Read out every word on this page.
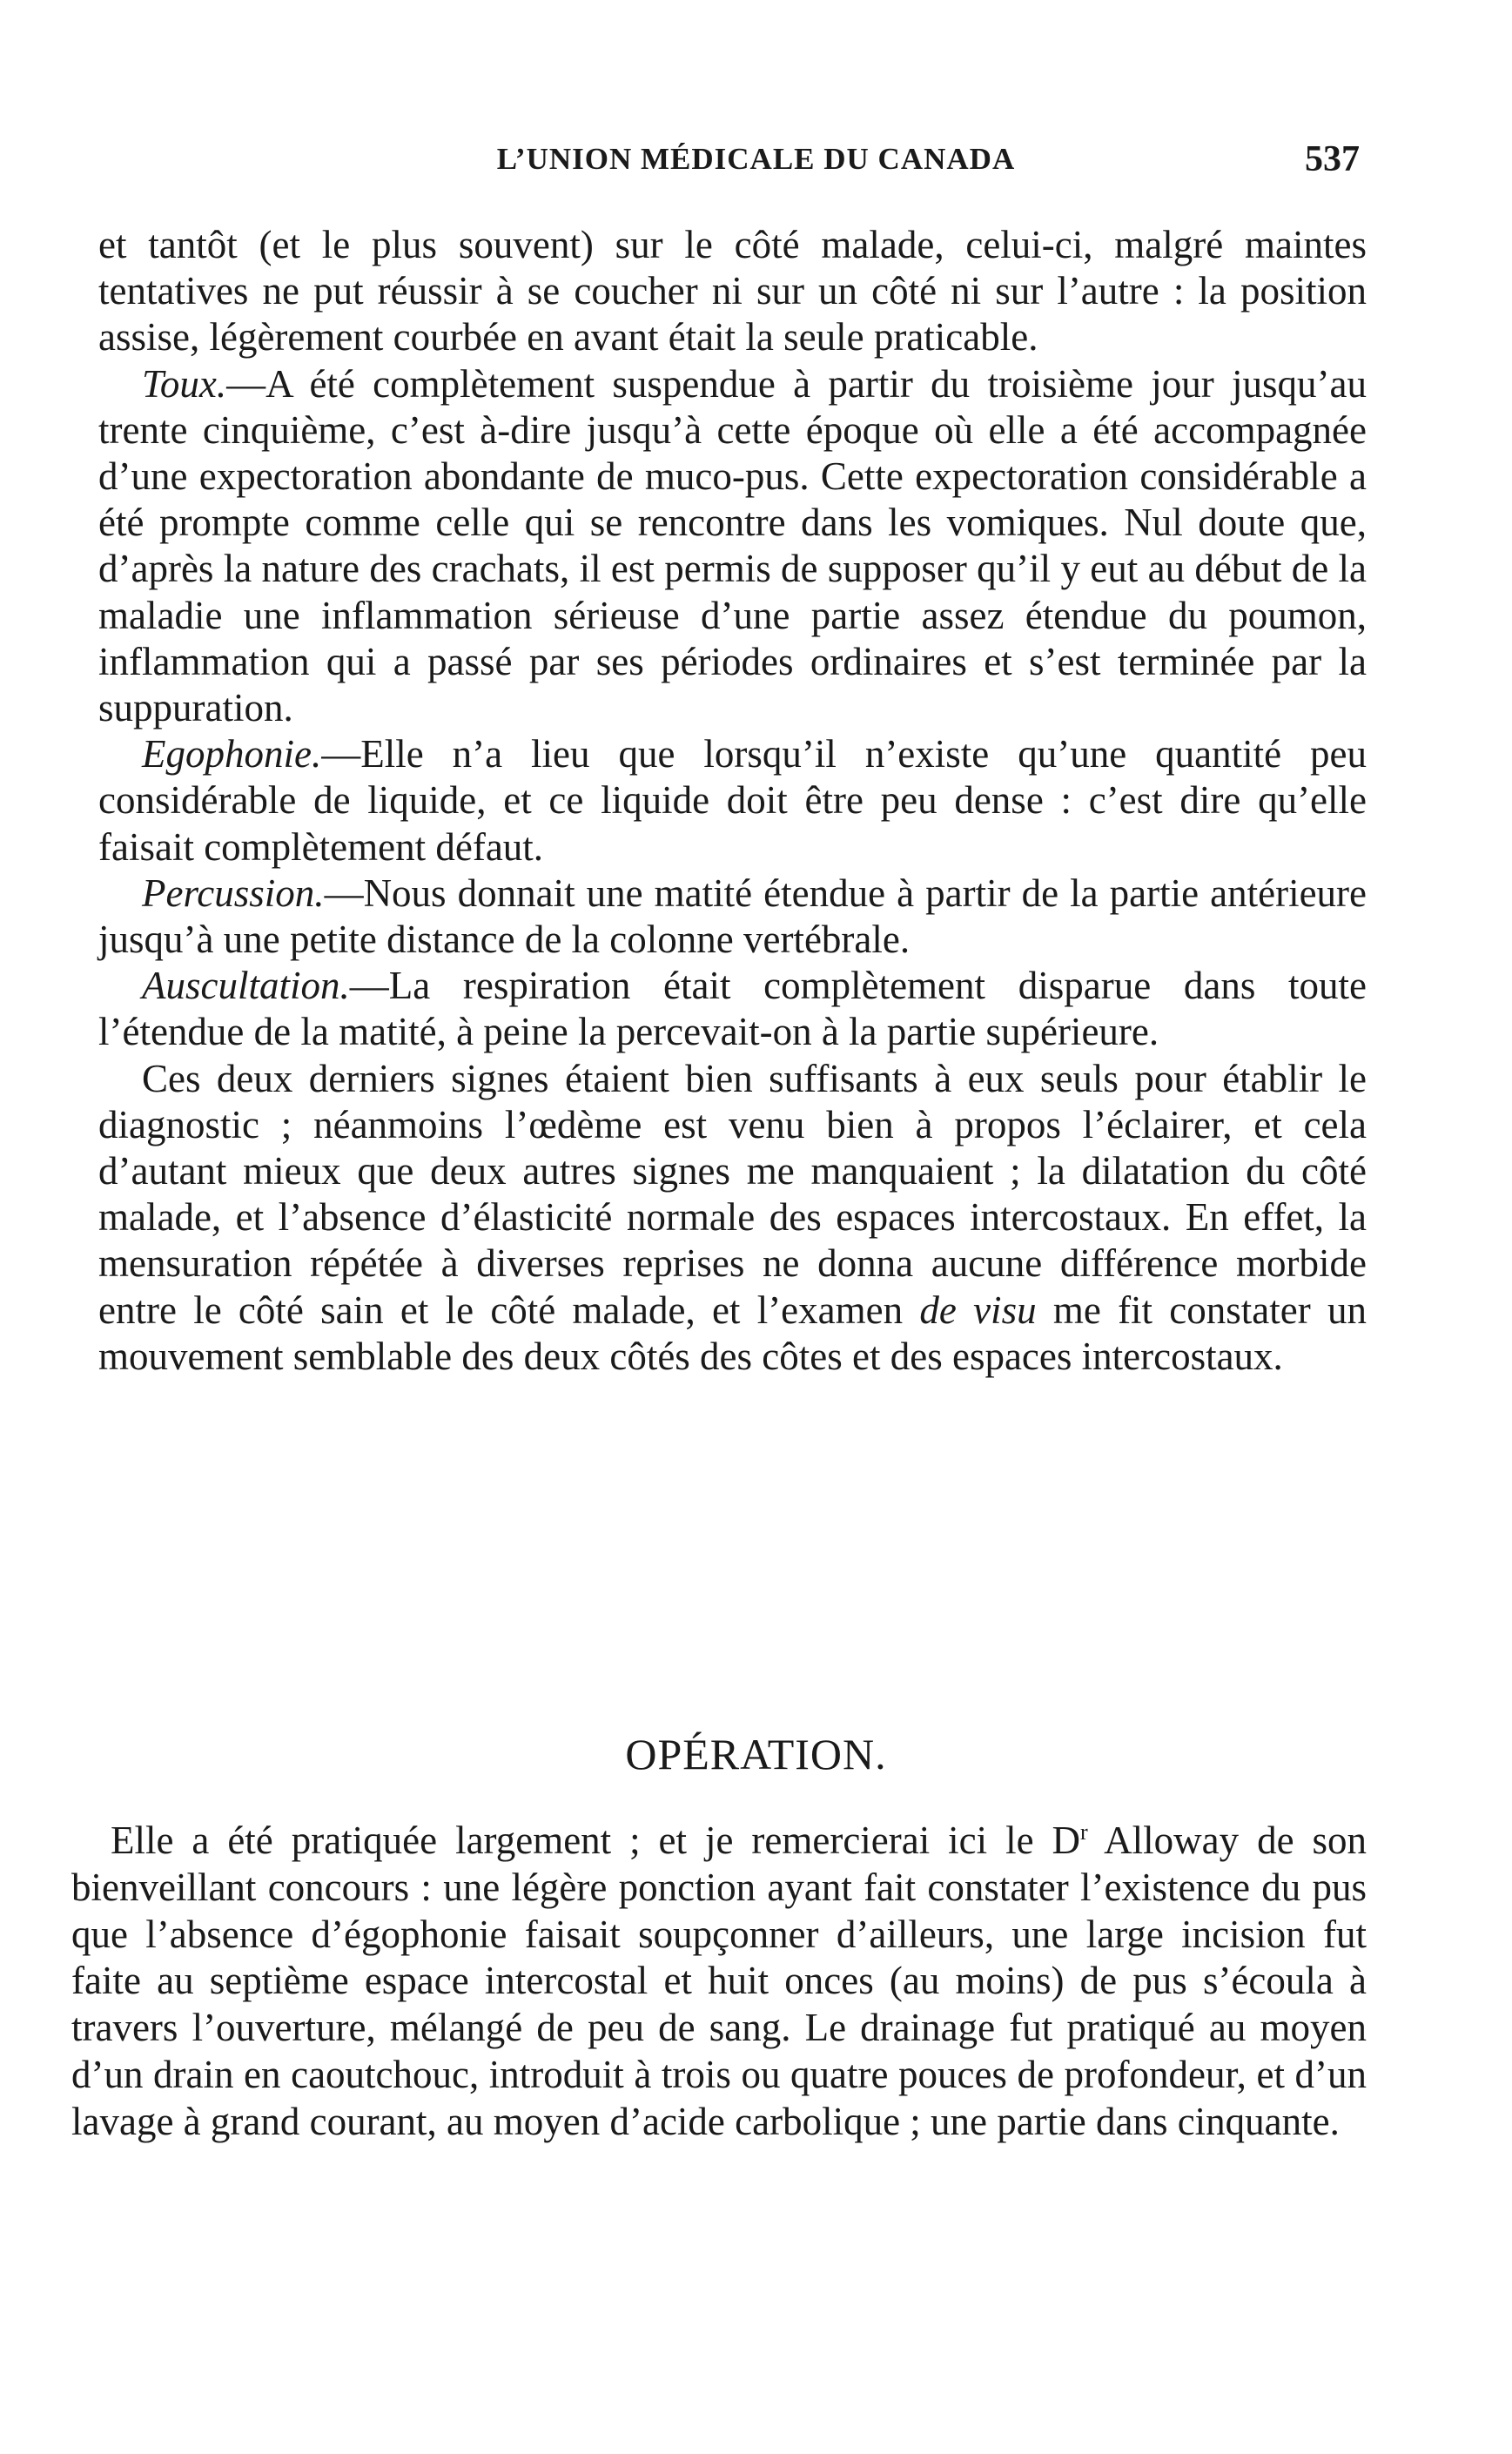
L’UNION MÉDICALE DU CANADA	537

et tantôt (et le plus souvent) sur le côté malade, celui-ci, malgré maintes tentatives ne put réussir à se coucher ni sur un côté ni sur l’autre : la position assise, légèrement courbée en avant était la seule praticable.

Toux.—A été complètement suspendue à partir du troisième jour jusqu’au trente cinquième, c’est à-dire jusqu’à cette époque où elle a été accompagnée d’une expectoration abondante de muco-pus. Cette expectoration considérable a été prompte comme celle qui se rencontre dans les vomiques. Nul doute que, d’après la nature des crachats, il est permis de supposer qu’il y eut au début de la maladie une inflammation sérieuse d’une partie assez étendue du poumon, inflammation qui a passé par ses périodes ordinaires et s’est terminée par la suppuration.

Egophonie.—Elle n’a lieu que lorsqu’il n’existe qu’une quantité peu considérable de liquide, et ce liquide doit être peu dense : c’est dire qu’elle faisait complètement défaut.

Percussion.—Nous donnait une matité étendue à partir de la partie antérieure jusqu’à une petite distance de la colonne vertébrale.

Auscultation.—La respiration était complètement disparue dans toute l’étendue de la matité, à peine la percevait-on à la partie supérieure.

Ces deux derniers signes étaient bien suffisants à eux seuls pour établir le diagnostic ; néanmoins l’œdème est venu bien à propos l’éclairer, et cela d’autant mieux que deux autres signes me manquaient ; la dilatation du côté malade, et l’absence d’élasticité normale des espaces intercostaux. En effet, la mensuration répétée à diverses reprises ne donna aucune différence morbide entre le côté sain et le côté malade, et l’examen de visu me fit constater un mouvement semblable des deux côtés des côtes et des espaces intercostaux.

OPÉRATION.

Elle a été pratiquée largement ; et je remercierai ici le $D^r$ Alloway de son bienveillant concours : une légère ponction ayant fait constater l’existence du pus que l’absence d’égophonie faisait soupçonner d’ailleurs, une large incision fut faite au septième espace intercostal et huit onces (au moins) de pus s’écoula à travers l’ouverture, mélangé de peu de sang. Le drainage fut pratiqué au moyen d’un drain en caoutchouc, introduit à trois ou quatre pouces de profondeur, et d’un lavage à grand courant, au moyen d’acide carbolique ; une partie dans cinquante.
